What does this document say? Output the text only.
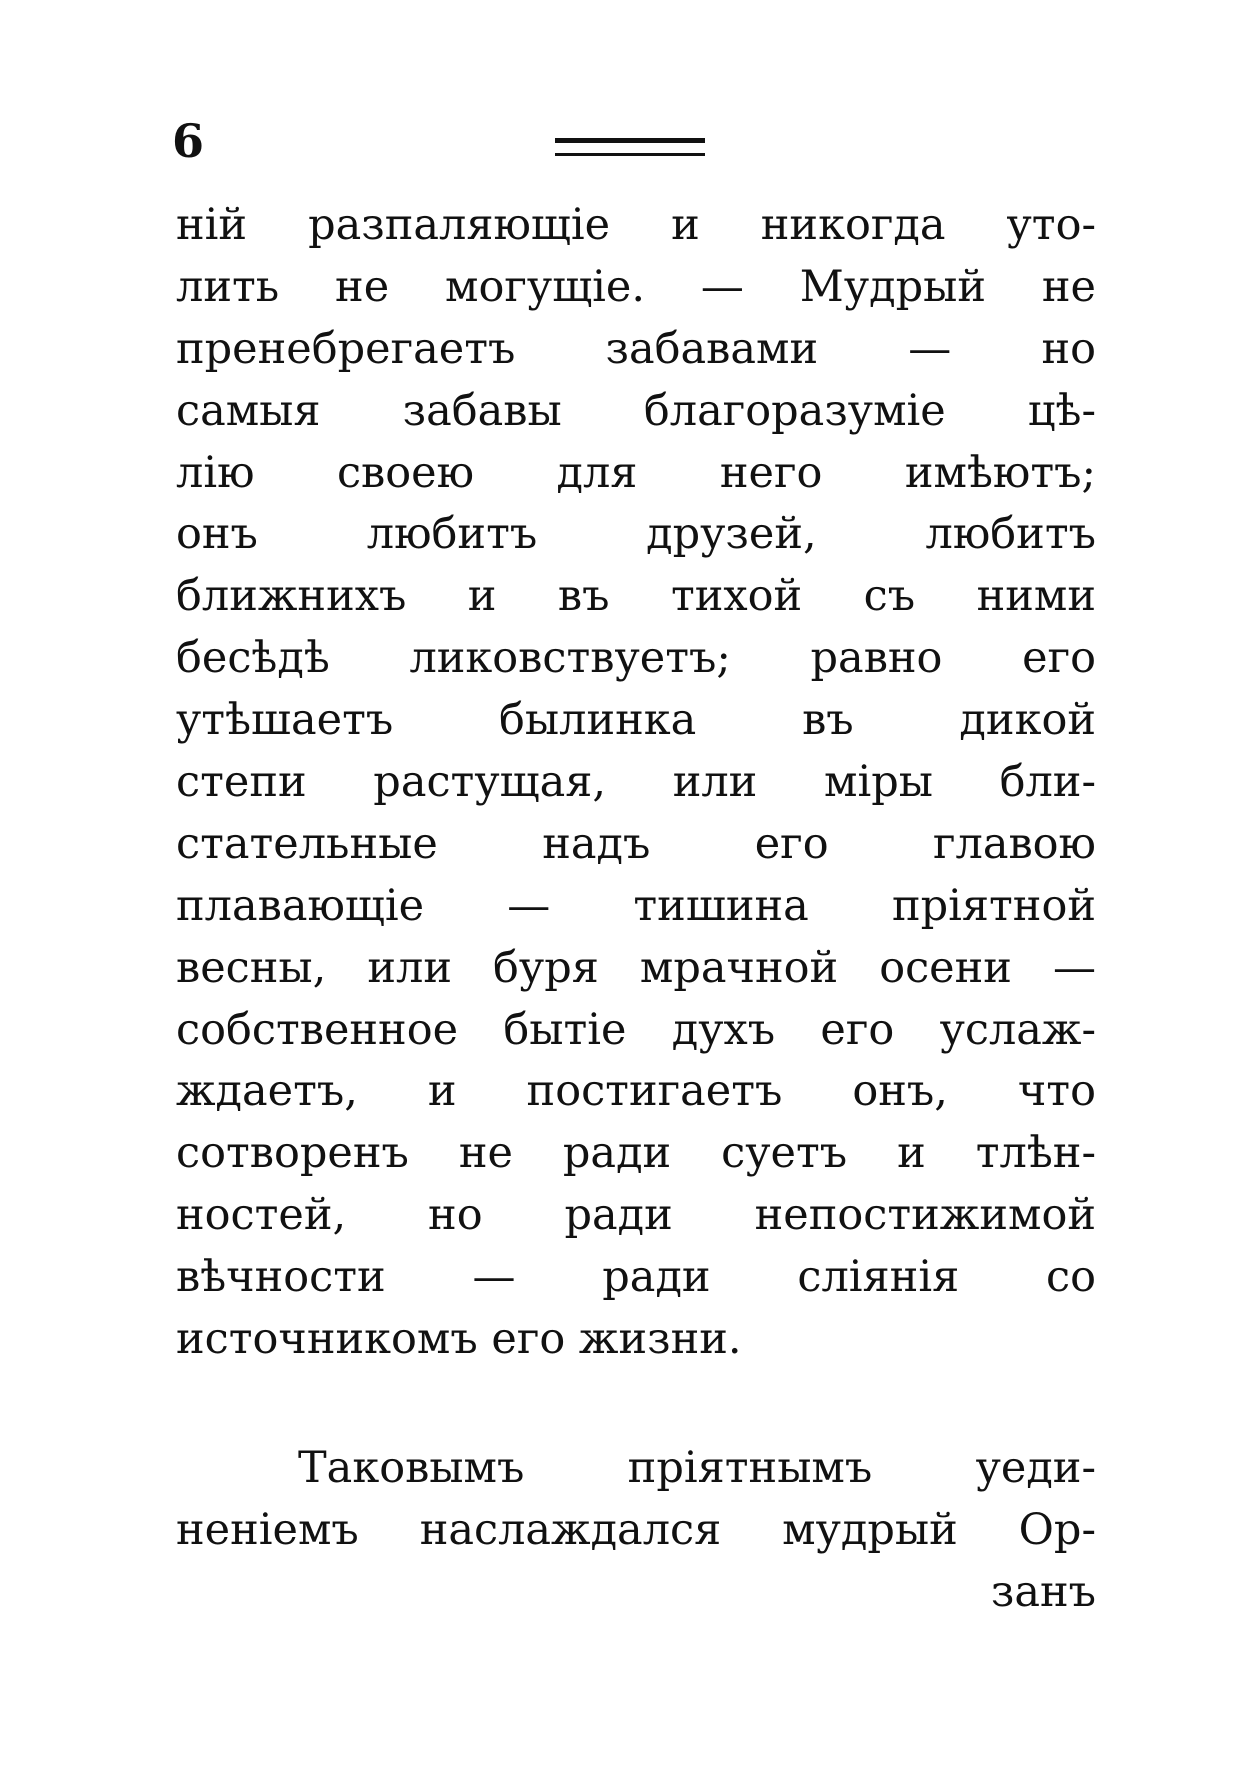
6
ній разпаляющіе и никогда уто-
лить не могущіе. — Мудрый не
пренебрегаетъ забавами — но
самыя забавы благоразуміе цѣ-
лію своею для него имѣютъ;
онъ любитъ друзей, любитъ
ближнихъ и въ тихой съ ними
бесѣдѣ ликовствуетъ; равно его
утѣшаетъ былинка въ дикой
степи растущая, или міры бли-
стательные надъ его главою
плавающіе — тишина пріятной
весны, или буря мрачной осени —
собственное бытіе духъ его услаж-
ждаетъ, и постигаетъ онъ, что
сотворенъ не ради суетъ и тлѣн-
ностей, но ради непостижимой
вѣчности — ради сліянія со
источникомъ его жизни.
Таковымъ пріятнымъ уеди-
неніемъ наслаждался мудрый Ор-
занъ
